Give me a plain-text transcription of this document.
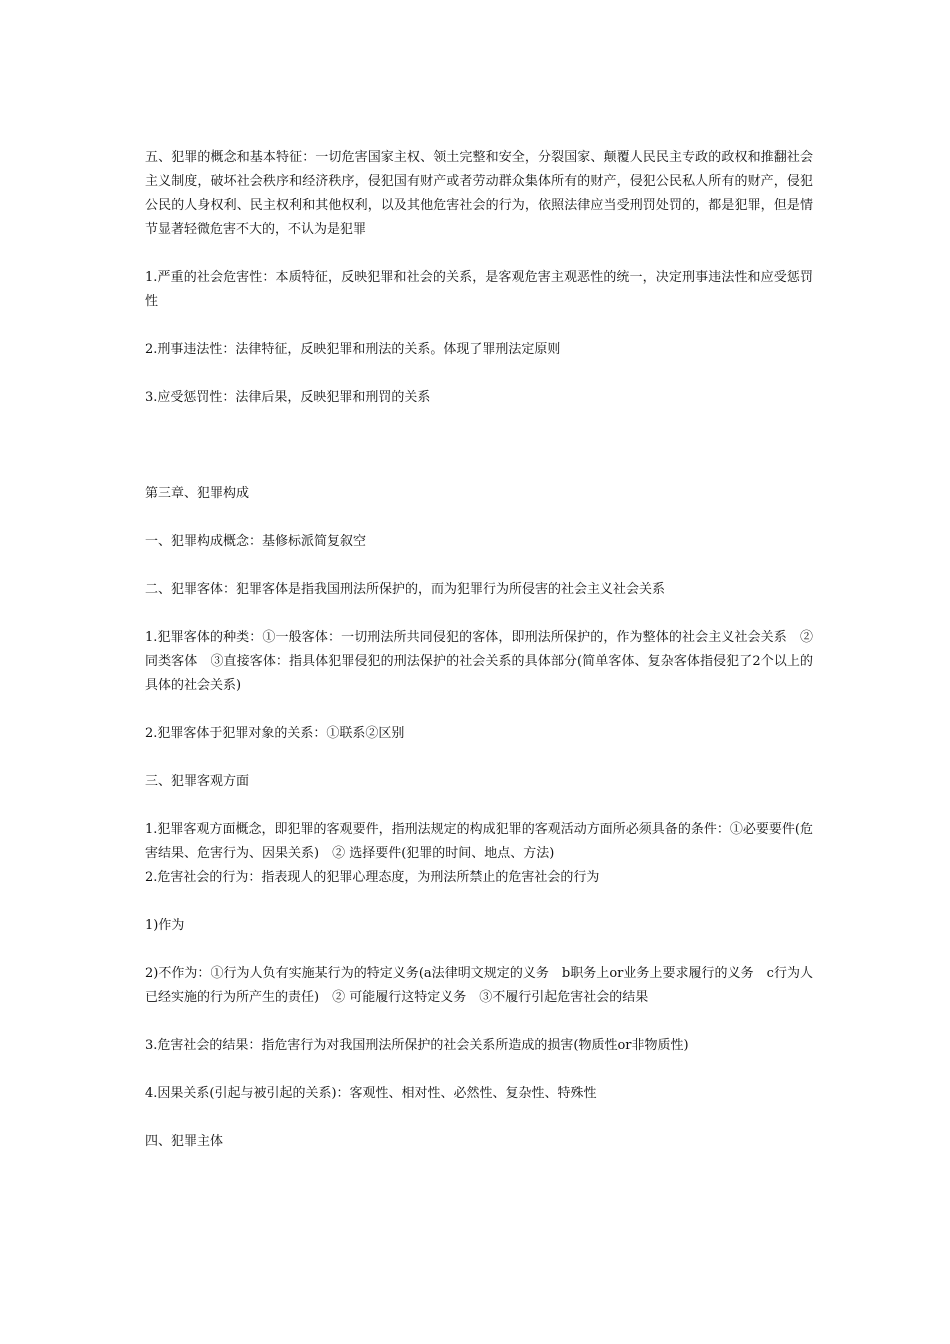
五、犯罪的概念和基本特征：一切危害国家主权、领土完整和安全，分裂国家、颠覆人民民主专政的政权和推翻社会主义制度，破坏社会秩序和经济秩序，侵犯国有财产或者劳动群众集体所有的财产，侵犯公民私人所有的财产，侵犯公民的人身权利、民主权利和其他权利，以及其他危害社会的行为，依照法律应当受刑罚处罚的，都是犯罪，但是情节显著轻微危害不大的，不认为是犯罪

1.严重的社会危害性：本质特征，反映犯罪和社会的关系，是客观危害主观恶性的统一，决定刑事违法性和应受惩罚性

2.刑事违法性：法律特征，反映犯罪和刑法的关系。体现了罪刑法定原则

3.应受惩罚性：法律后果，反映犯罪和刑罚的关系

第三章、犯罪构成

一、犯罪构成概念：基修标派简复叙空

二、犯罪客体：犯罪客体是指我国刑法所保护的，而为犯罪行为所侵害的社会主义社会关系

1.犯罪客体的种类：①一般客体：一切刑法所共同侵犯的客体，即刑法所保护的，作为整体的社会主义社会关系　②同类客体　③直接客体：指具体犯罪侵犯的刑法保护的社会关系的具体部分(简单客体、复杂客体指侵犯了2个以上的具体的社会关系)

2.犯罪客体于犯罪对象的关系：①联系②区别

三、犯罪客观方面

1.犯罪客观方面概念，即犯罪的客观要件，指刑法规定的构成犯罪的客观活动方面所必须具备的条件：①必要要件(危害结果、危害行为、因果关系)　② 选择要件(犯罪的时间、地点、方法)

2.危害社会的行为：指表现人的犯罪心理态度，为刑法所禁止的危害社会的行为

1)作为

2)不作为：①行为人负有实施某行为的特定义务(a法律明文规定的义务　b职务上or业务上要求履行的义务　c行为人已经实施的行为所产生的责任)　② 可能履行这特定义务　③不履行引起危害社会的结果

3.危害社会的结果：指危害行为对我国刑法所保护的社会关系所造成的损害(物质性or非物质性)

4.因果关系(引起与被引起的关系)：客观性、相对性、必然性、复杂性、特殊性

四、犯罪主体
